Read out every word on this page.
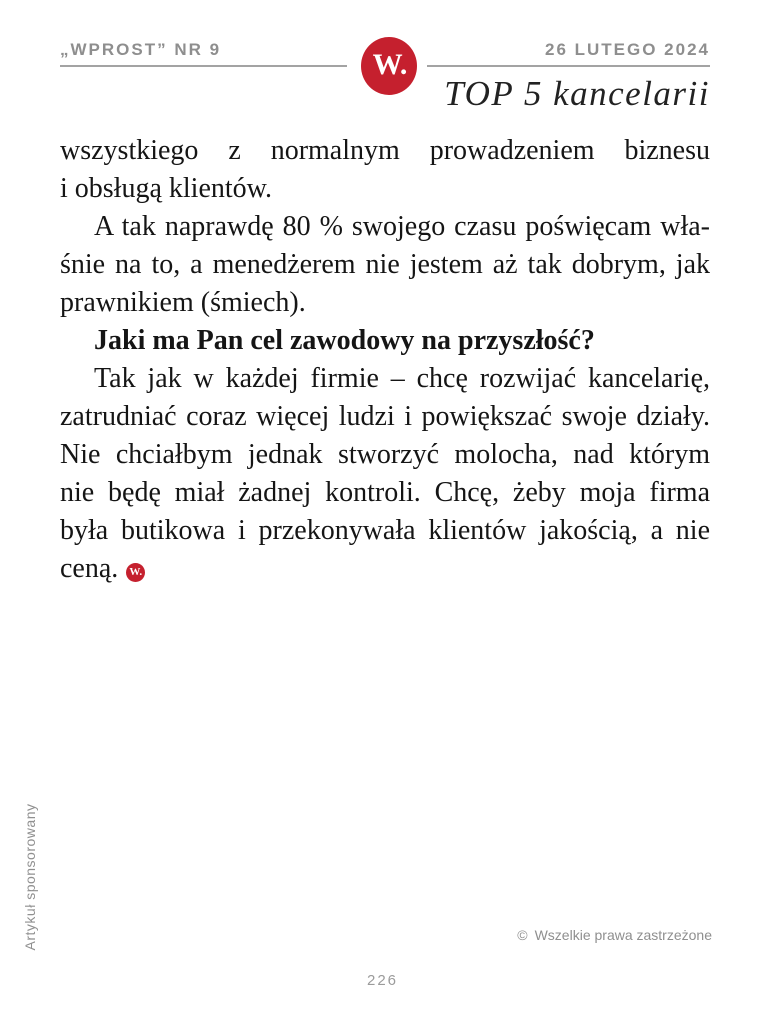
„WPROST” NR 9	26 LUTEGO 2024
W.
TOP 5 kancelarii
wszystkiego z normalnym prowadzeniem biznesu
i obsługą klientów.
A tak naprawdę 80 % swojego czasu poświęcam wła-
śnie na to, a menedżerem nie jestem aż tak dobrym, jak
prawnikiem (śmiech).
Jaki ma Pan cel zawodowy na przyszłość?
Tak jak w każdej firmie – chcę rozwijać kancelarię,
zatrudniać coraz więcej ludzi i powiększać swoje działy.
Nie chciałbym jednak stworzyć molocha, nad którym
nie będę miał żadnej kontroli. Chcę, żeby moja firma
była butikowa i przekonywała klientów jakością, a nie
ceną. W.
Artykuł sponsorowany	© Wszelkie prawa zastrzeżone
226
